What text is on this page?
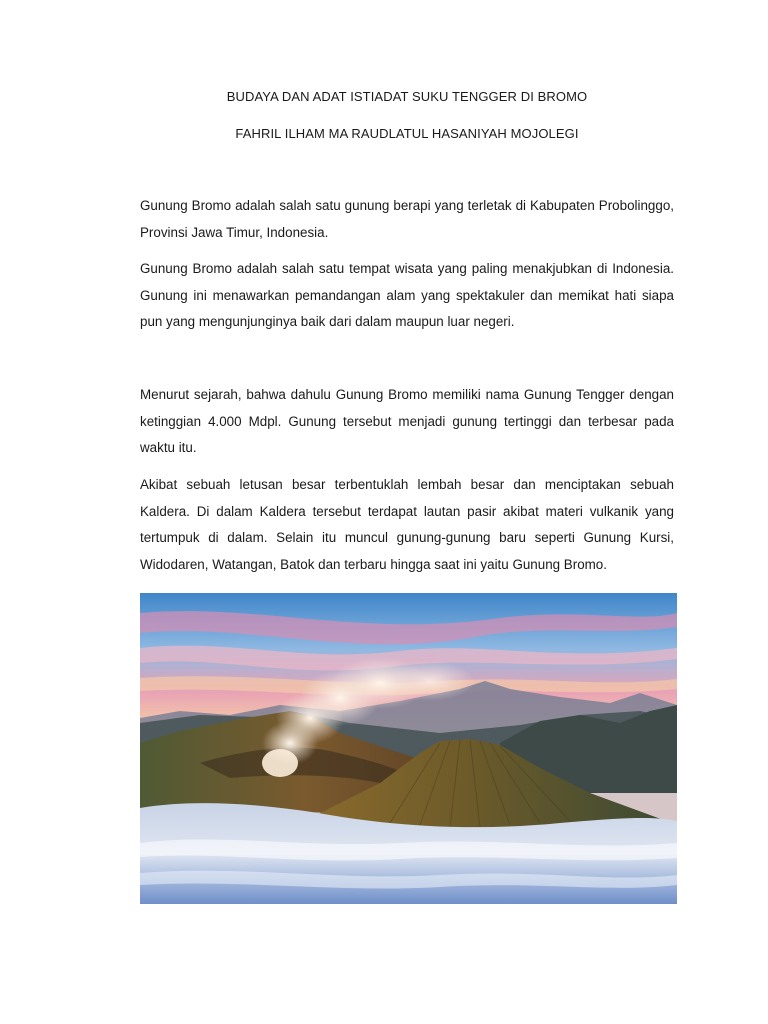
BUDAYA DAN ADAT ISTIADAT SUKU TENGGER DI BROMO
FAHRIL ILHAM MA RAUDLATUL HASANIYAH MOJOLEGI

Gunung Bromo adalah salah satu gunung berapi yang terletak di Kabupaten Probolinggo, Provinsi Jawa Timur, Indonesia.

Gunung Bromo adalah salah satu tempat wisata yang paling menakjubkan di Indonesia. Gunung ini menawarkan pemandangan alam yang spektakuler dan memikat hati siapa pun yang mengunjunginya baik dari dalam maupun luar negeri.

Menurut sejarah, bahwa dahulu Gunung Bromo memiliki nama Gunung Tengger dengan ketinggian 4.000 Mdpl. Gunung tersebut menjadi gunung tertinggi dan terbesar pada waktu itu.

Akibat sebuah letusan besar terbentuklah lembah besar dan menciptakan sebuah Kaldera. Di dalam Kaldera tersebut terdapat lautan pasir akibat materi vulkanik yang tertumpuk di dalam. Selain itu muncul gunung-gunung baru seperti Gunung Kursi, Widodaren, Watangan, Batok dan terbaru hingga saat ini yaitu Gunung Bromo.
